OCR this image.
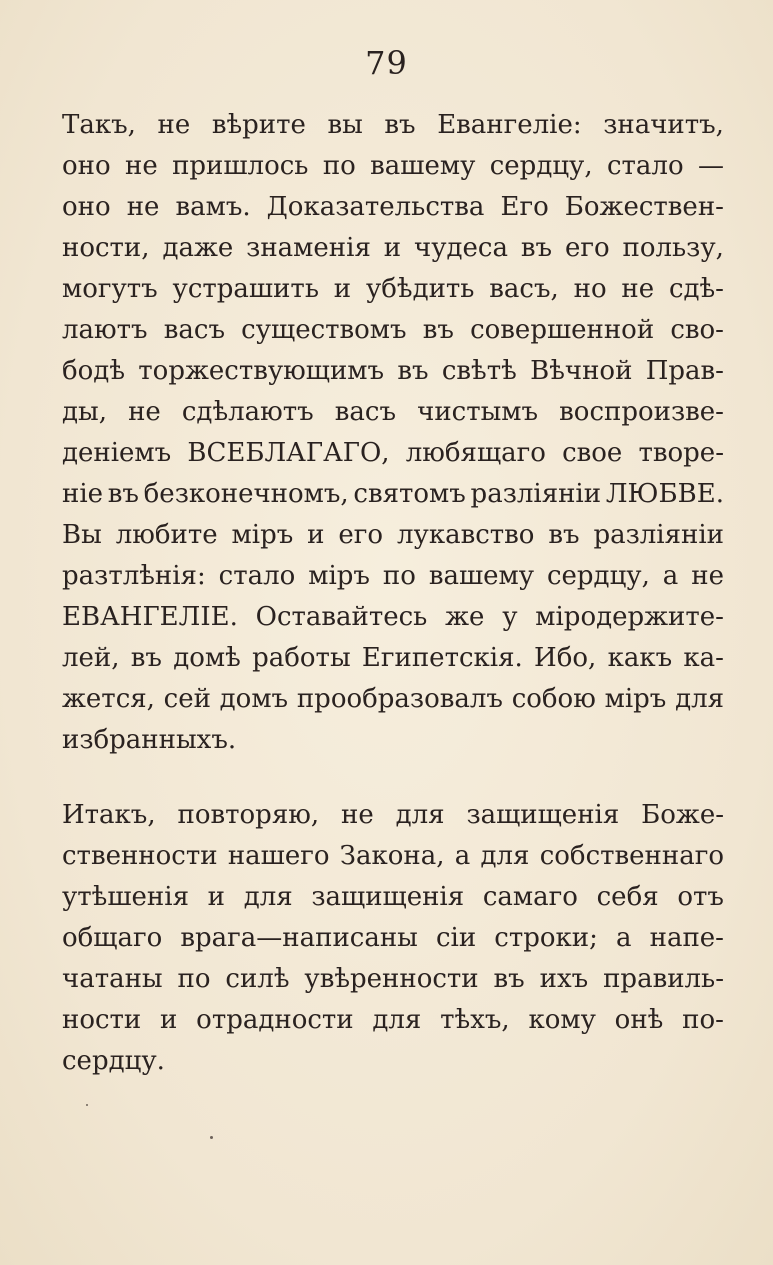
79
Такъ, не вѣрите вы въ Евангеліе: значитъ,
оно не пришлось по вашему сердцу, стало —
оно не вамъ. Доказательства Его Божествен-
ности, даже знаменія и чудеса въ его пользу,
могутъ устрашить и убѣдить васъ, но не сдѣ-
лаютъ васъ существомъ въ совершенной сво-
бодѣ торжествующимъ въ свѣтѣ Вѣчной Прав-
ды, не сдѣлаютъ васъ чистымъ воспроизве-
деніемъ ВСЕБЛАГАГО, любящаго свое творе-
ніе въ безконечномъ, святомъ разліяніи ЛЮБВЕ.
Вы любите міръ и его лукавство въ разліяніи
разтлѣнія: стало міръ по вашему сердцу, а не
ЕВАНГЕЛІЕ. Оставайтесь же у міродержите-
лей, въ домѣ работы Египетскія. Ибо, какъ ка-
жется, сей домъ прообразовалъ собою міръ для
избранныхъ.
Итакъ, повторяю, не для защищенія Боже-
ственности нашего Закона, а для собственнаго
утѣшенія и для защищенія самаго себя отъ
общаго врага—написаны сіи строки; а напе-
чатаны по силѣ увѣренности въ ихъ правиль-
ности и отрадности для тѣхъ, кому онѣ по-
сердцу.
